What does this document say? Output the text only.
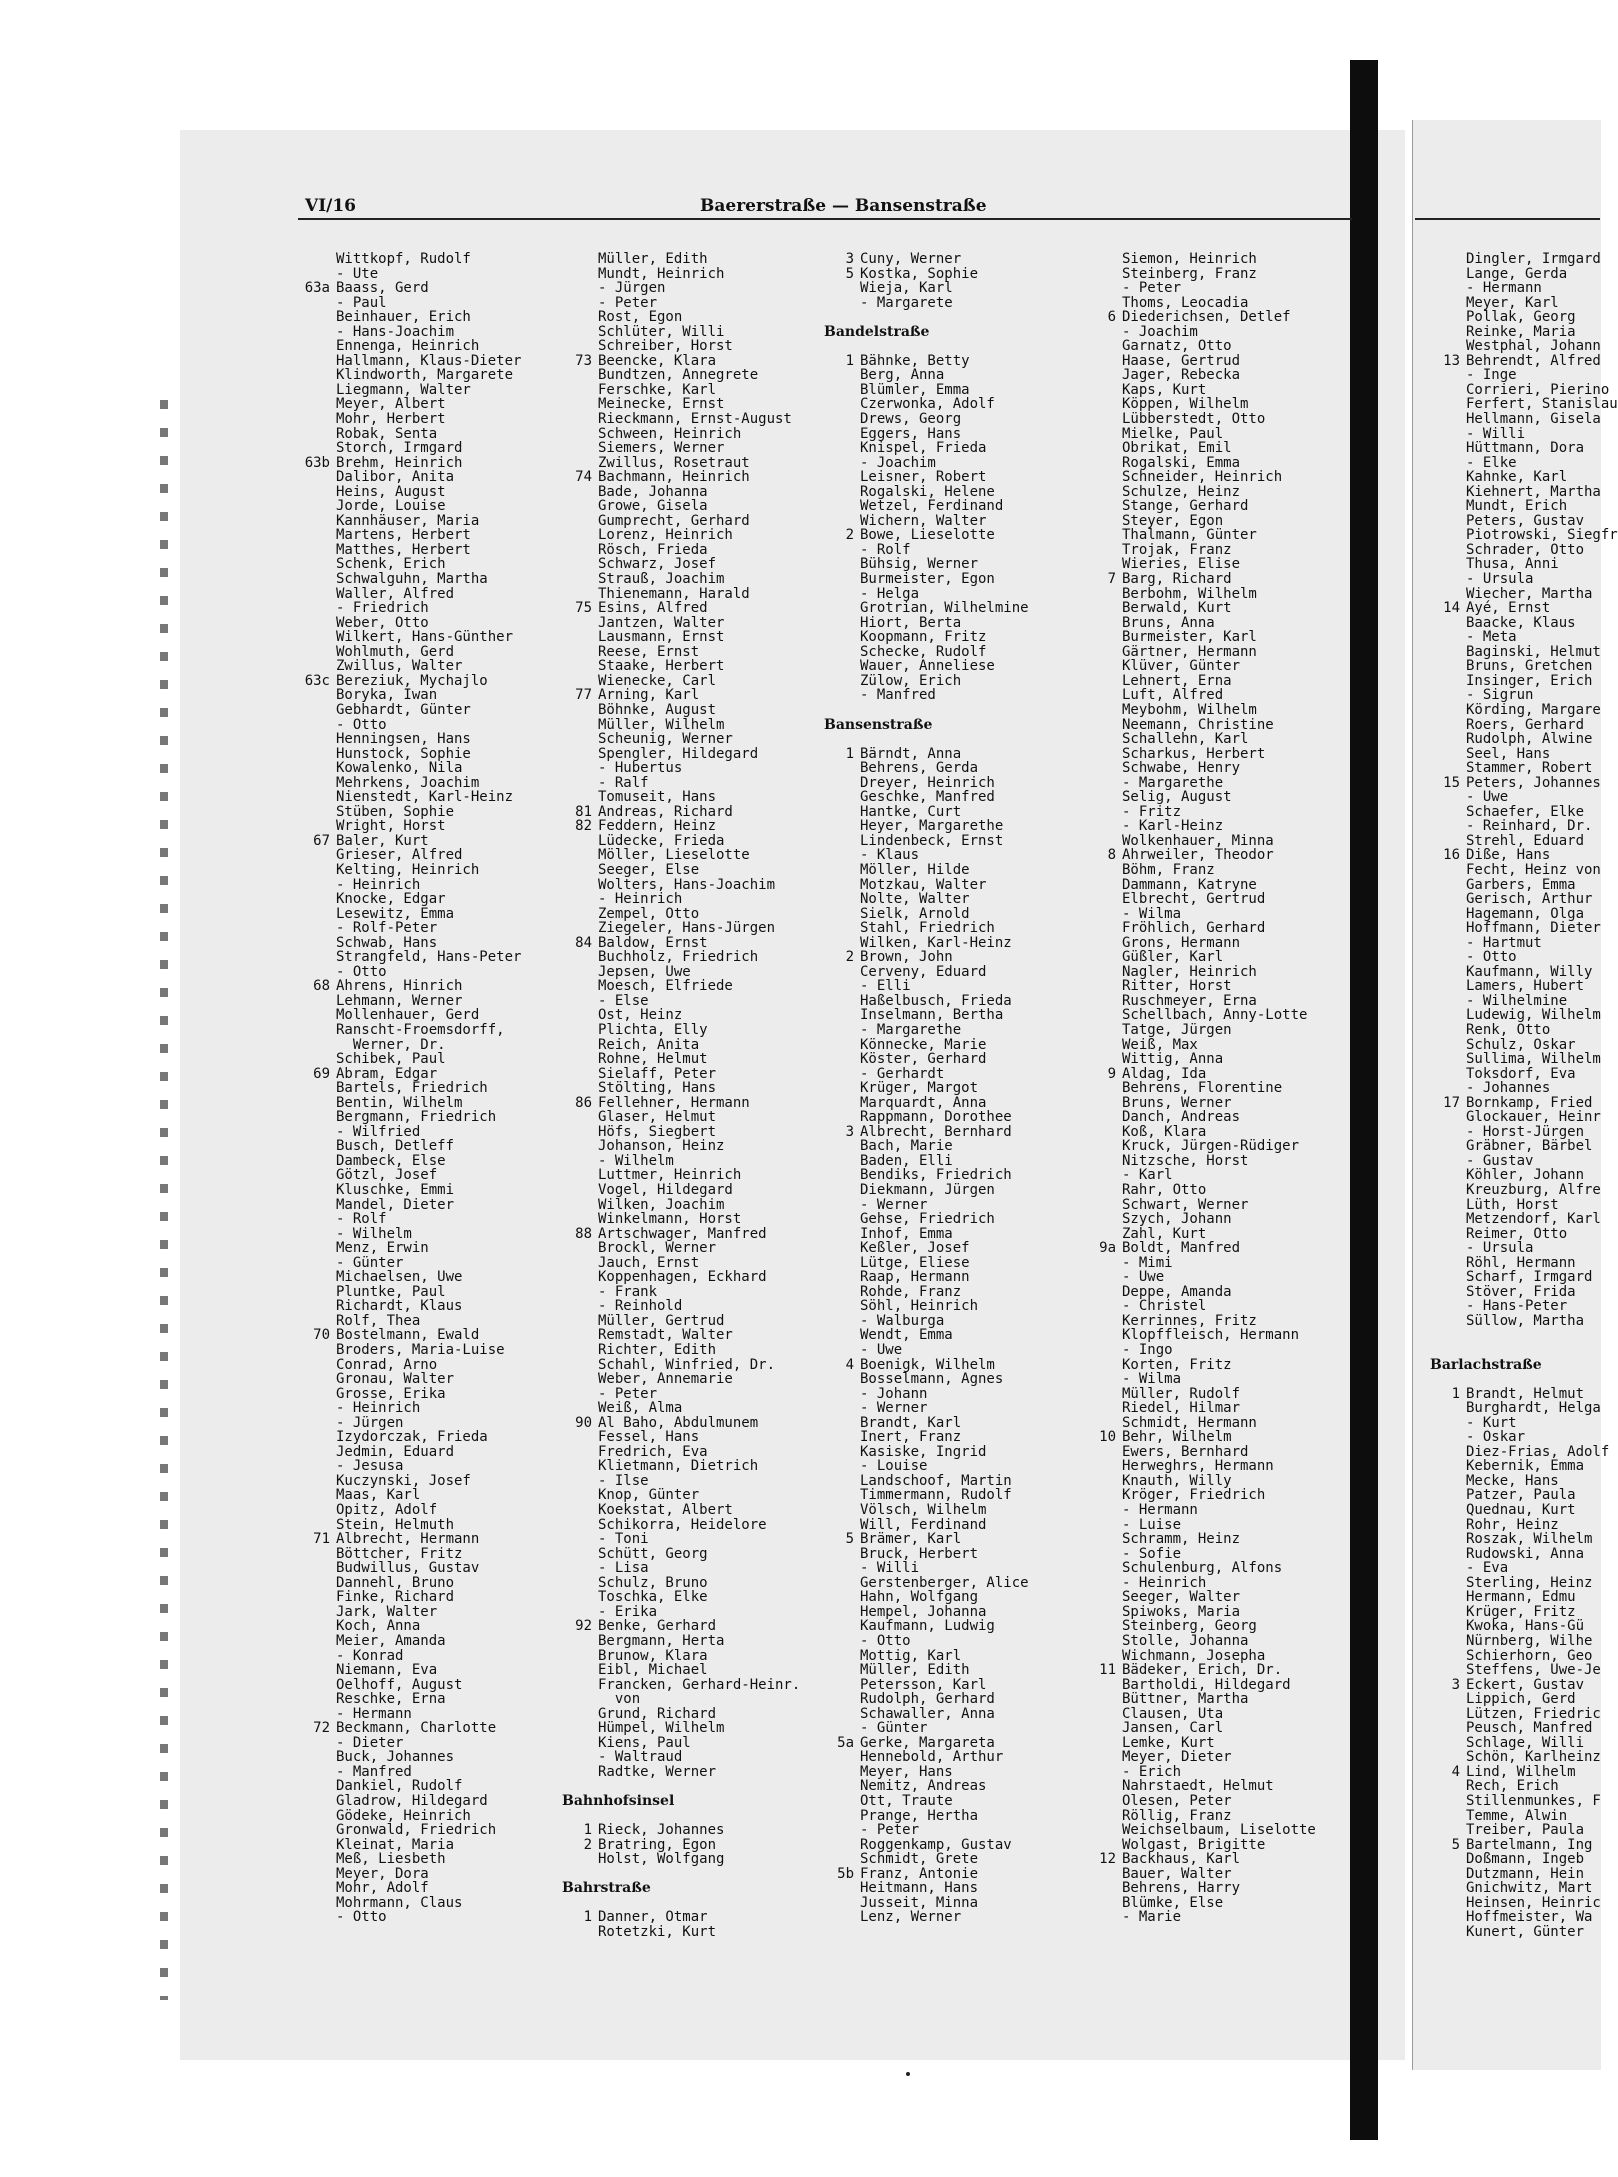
VI/16	Baererstraße — Bansenstraße
Wittkopf, Rudolf
- Ute
63a Baass, Gerd
- Paul
Beinhauer, Erich
- Hans-Joachim
Ennenga, Heinrich
Hallmann, Klaus-Dieter
Klindworth, Margarete
Liegmann, Walter
Meyer, Albert
Mohr, Herbert
Robak, Senta
Storch, Irmgard
63b Brehm, Heinrich
Dalibor, Anita
Heins, August
Jorde, Louise
Kannhäuser, Maria
Martens, Herbert
Matthes, Herbert
Schenk, Erich
Schwalguhn, Martha
Waller, Alfred
- Friedrich
Weber, Otto
Wilkert, Hans-Günther
Wohlmuth, Gerd
Zwillus, Walter
63c Bereziuk, Mychajlo
Boryka, Iwan
Gebhardt, Günter
- Otto
Henningsen, Hans
Hunstock, Sophie
Kowalenko, Nila
Mehrkens, Joachim
Nienstedt, Karl-Heinz
Stüben, Sophie
Wright, Horst
67 Baler, Kurt
Grieser, Alfred
Kelting, Heinrich
- Heinrich
Knocke, Edgar
Lesewitz, Emma
- Rolf-Peter
Schwab, Hans
Strangfeld, Hans-Peter
- Otto
68 Ahrens, Hinrich
Lehmann, Werner
Mollenhauer, Gerd
Ranscht-Froemsdorff,
Werner, Dr.
Schibek, Paul
69 Abram, Edgar
Bartels, Friedrich
Bentin, Wilhelm
Bergmann, Friedrich
- Wilfried
Busch, Detleff
Dambeck, Else
Götzl, Josef
Kluschke, Emmi
Mandel, Dieter
- Rolf
- Wilhelm
Menz, Erwin
- Günter
Michaelsen, Uwe
Pluntke, Paul
Richardt, Klaus
Rolf, Thea
70 Bostelmann, Ewald
Broders, Maria-Luise
Conrad, Arno
Gronau, Walter
Grosse, Erika
- Heinrich
- Jürgen
Izydorczak, Frieda
Jedmin, Eduard
- Jesusa
Kuczynski, Josef
Maas, Karl
Opitz, Adolf
Stein, Helmuth
71 Albrecht, Hermann
Böttcher, Fritz
Budwillus, Gustav
Dannehl, Bruno
Finke, Richard
Jark, Walter
Koch, Anna
Meier, Amanda
- Konrad
Niemann, Eva
Oelhoff, August
Reschke, Erna
- Hermann
72 Beckmann, Charlotte
- Dieter
Buck, Johannes
- Manfred
Dankiel, Rudolf
Gladrow, Hildegard
Gödeke, Heinrich
Gronwald, Friedrich
Kleinat, Maria
Meß, Liesbeth
Meyer, Dora
Mohr, Adolf
Mohrmann, Claus
- Otto
Müller, Edith
Mundt, Heinrich
- Jürgen
- Peter
Rost, Egon
Schlüter, Willi
Schreiber, Horst
73 Beencke, Klara
Bundtzen, Annegrete
Ferschke, Karl
Meinecke, Ernst
Rieckmann, Ernst-August
Schween, Heinrich
Siemers, Werner
Zwillus, Rosetraut
74 Bachmann, Heinrich
Bade, Johanna
Growe, Gisela
Gumprecht, Gerhard
Lorenz, Heinrich
Rösch, Frieda
Schwarz, Josef
Strauß, Joachim
Thienemann, Harald
75 Esins, Alfred
Jantzen, Walter
Lausmann, Ernst
Reese, Ernst
Staake, Herbert
Wienecke, Carl
77 Arning, Karl
Böhnke, August
Müller, Wilhelm
Scheunig, Werner
Spengler, Hildegard
- Hubertus
- Ralf
Tomuseit, Hans
81 Andreas, Richard
82 Feddern, Heinz
Lüdecke, Frieda
Möller, Lieselotte
Seeger, Else
Wolters, Hans-Joachim
- Heinrich
Zempel, Otto
Ziegeler, Hans-Jürgen
84 Baldow, Ernst
Buchholz, Friedrich
Jepsen, Uwe
Moesch, Elfriede
- Else
Ost, Heinz
Plichta, Elly
Reich, Anita
Rohne, Helmut
Sielaff, Peter
Stölting, Hans
86 Fellehner, Hermann
Glaser, Helmut
Höfs, Siegbert
Johanson, Heinz
- Wilhelm
Luttmer, Heinrich
Vogel, Hildegard
Wilken, Joachim
Winkelmann, Horst
88 Artschwager, Manfred
Brockl, Werner
Jauch, Ernst
Koppenhagen, Eckhard
- Frank
- Reinhold
Müller, Gertrud
Remstadt, Walter
Richter, Edith
Schahl, Winfried, Dr.
Weber, Annemarie
- Peter
Weiß, Alma
90 Al Baho, Abdulmunem
Fessel, Hans
Fredrich, Eva
Klietmann, Dietrich
- Ilse
Knop, Günter
Koekstat, Albert
Schikorra, Heidelore
- Toni
Schütt, Georg
- Lisa
Schulz, Bruno
Toschka, Elke
- Erika
92 Benke, Gerhard
Bergmann, Herta
Brunow, Klara
Eibl, Michael
Francken, Gerhard-Heinr.
von
Grund, Richard
Hümpel, Wilhelm
Kiens, Paul
- Waltraud
Radtke, Werner
Bahnhofsinsel
1 Rieck, Johannes
2 Bratring, Egon
Holst, Wolfgang
Bahrstraße
1 Danner, Otmar
Rotetzki, Kurt
3 Cuny, Werner
5 Kostka, Sophie
Wieja, Karl
- Margarete
Bandelstraße
1 Bähnke, Betty
Berg, Anna
Blümler, Emma
Czerwonka, Adolf
Drews, Georg
Eggers, Hans
Knispel, Frieda
- Joachim
Leisner, Robert
Rogalski, Helene
Wetzel, Ferdinand
Wichern, Walter
2 Bowe, Lieselotte
- Rolf
Bühsig, Werner
Burmeister, Egon
- Helga
Grotrian, Wilhelmine
Hiort, Berta
Koopmann, Fritz
Schecke, Rudolf
Wauer, Anneliese
Zülow, Erich
- Manfred
Bansenstraße
1 Bärndt, Anna
Behrens, Gerda
Dreyer, Heinrich
Geschke, Manfred
Hantke, Curt
Heyer, Margarethe
Lindenbeck, Ernst
- Klaus
Möller, Hilde
Motzkau, Walter
Nolte, Walter
Sielk, Arnold
Stahl, Friedrich
Wilken, Karl-Heinz
2 Brown, John
Cerveny, Eduard
- Elli
Haßelbusch, Frieda
Inselmann, Bertha
- Margarethe
Könnecke, Marie
Köster, Gerhard
- Gerhardt
Krüger, Margot
Marquardt, Anna
Rappmann, Dorothee
3 Albrecht, Bernhard
Bach, Marie
Baden, Elli
Bendiks, Friedrich
Diekmann, Jürgen
- Werner
Gehse, Friedrich
Inhof, Emma
Keßler, Josef
Lütge, Eliese
Raap, Hermann
Rohde, Franz
Söhl, Heinrich
- Walburga
Wendt, Emma
- Uwe
4 Boenigk, Wilhelm
Bosselmann, Agnes
- Johann
- Werner
Brandt, Karl
Inert, Franz
Kasiske, Ingrid
- Louise
Landschoof, Martin
Timmermann, Rudolf
Völsch, Wilhelm
Will, Ferdinand
5 Brämer, Karl
Bruck, Herbert
- Willi
Gerstenberger, Alice
Hahn, Wolfgang
Hempel, Johanna
Kaufmann, Ludwig
- Otto
Mottig, Karl
Müller, Edith
Petersson, Karl
Rudolph, Gerhard
Schawaller, Anna
- Günter
5a Gerke, Margareta
Hennebold, Arthur
Meyer, Hans
Nemitz, Andreas
Ott, Traute
Prange, Hertha
- Peter
Roggenkamp, Gustav
Schmidt, Grete
5b Franz, Antonie
Heitmann, Hans
Jusseit, Minna
Lenz, Werner
Siemon, Heinrich
Steinberg, Franz
- Peter
Thoms, Leocadia
6 Diederichsen, Detlef
- Joachim
Garnatz, Otto
Haase, Gertrud
Jager, Rebecka
Kaps, Kurt
Köppen, Wilhelm
Lübberstedt, Otto
Mielke, Paul
Obrikat, Emil
Rogalski, Emma
Schneider, Heinrich
Schulze, Heinz
Stange, Gerhard
Steyer, Egon
Thalmann, Günter
Trojak, Franz
Wieries, Elise
7 Barg, Richard
Berbohm, Wilhelm
Berwald, Kurt
Bruns, Anna
Burmeister, Karl
Gärtner, Hermann
Klüver, Günter
Lehnert, Erna
Luft, Alfred
Meybohm, Wilhelm
Neemann, Christine
Schallehn, Karl
Scharkus, Herbert
Schwabe, Henry
- Margarethe
Selig, August
- Fritz
- Karl-Heinz
Wolkenhauer, Minna
8 Ahrweiler, Theodor
Böhm, Franz
Dammann, Katryne
Elbrecht, Gertrud
- Wilma
Fröhlich, Gerhard
Grons, Hermann
Güßler, Karl
Nagler, Heinrich
Ritter, Horst
Ruschmeyer, Erna
Schellbach, Anny-Lotte
Tatge, Jürgen
Weiß, Max
Wittig, Anna
9 Aldag, Ida
Behrens, Florentine
Bruns, Werner
Danch, Andreas
Koß, Klara
Kruck, Jürgen-Rüdiger
Nitzsche, Horst
- Karl
Rahr, Otto
Schwart, Werner
Szych, Johann
Zahl, Kurt
9a Boldt, Manfred
- Mimi
- Uwe
Deppe, Amanda
- Christel
Kerrinnes, Fritz
Klopffleisch, Hermann
- Ingo
Korten, Fritz
- Wilma
Müller, Rudolf
Riedel, Hilmar
Schmidt, Hermann
10 Behr, Wilhelm
Ewers, Bernhard
Herweghrs, Hermann
Knauth, Willy
Kröger, Friedrich
- Hermann
- Luise
Schramm, Heinz
- Sofie
Schulenburg, Alfons
- Heinrich
Seeger, Walter
Spiwoks, Maria
Steinberg, Georg
Stolle, Johanna
Wichmann, Josepha
11 Bädeker, Erich, Dr.
Bartholdi, Hildegard
Büttner, Martha
Clausen, Uta
Jansen, Carl
Lemke, Kurt
Meyer, Dieter
- Erich
Nahrstaedt, Helmut
Olesen, Peter
Röllig, Franz
Weichselbaum, Liselotte
Wolgast, Brigitte
12 Backhaus, Karl
Bauer, Walter
Behrens, Harry
Blümke, Else
- Marie
Dingler, Irmgard
Lange, Gerda
- Hermann
Meyer, Karl
Pollak, Georg
Reinke, Maria
Westphal, Johann
13 Behrendt, Alfred
- Inge
Corrieri, Pierino
Ferfert, Stanislau
Hellmann, Gisela
- Willi
Hüttmann, Dora
- Elke
Kahnke, Karl
Kiehnert, Martha
Mundt, Erich
Peters, Gustav
Piotrowski, Siegfr
Schrader, Otto
Thusa, Anni
- Ursula
Wiecher, Martha
14 Ayé, Ernst
Baacke, Klaus
- Meta
Baginski, Helmut
Bruns, Gretchen
Insinger, Erich
- Sigrun
Körding, Margare
Roers, Gerhard
Rudolph, Alwine
Seel, Hans
Stammer, Robert
15 Peters, Johannes
- Uwe
Schaefer, Elke
- Reinhard, Dr.
Strehl, Eduard
16 Diße, Hans
Fecht, Heinz von
Garbers, Emma
Gerisch, Arthur
Hagemann, Olga
Hoffmann, Dieter
- Hartmut
- Otto
Kaufmann, Willy
Lamers, Hubert
- Wilhelmine
Ludewig, Wilhelm
Renk, Otto
Schulz, Oskar
Sullima, Wilhelm
Toksdorf, Eva
- Johannes
17 Bornkamp, Fried
Glockauer, Heinr
- Horst-Jürgen
Gräbner, Bärbel
- Gustav
Köhler, Johann
Kreuzburg, Alfre
Lüth, Horst
Metzendorf, Karl
Reimer, Otto
- Ursula
Röhl, Hermann
Scharf, Irmgard
Stöver, Frida
- Hans-Peter
Süllow, Martha
Barlachstraße
1 Brandt, Helmut
Burghardt, Helga
- Kurt
- Oskar
Diez-Frias, Adolf
Kebernik, Emma
Mecke, Hans
Patzer, Paula
Quednau, Kurt
Rohr, Heinz
Roszak, Wilhelm
Rudowski, Anna
- Eva
Sterling, Heinz
Hermann, Edmu
Krüger, Fritz
Kwoka, Hans-Gü
Nürnberg, Wilhe
Schierhorn, Geo
Steffens, Uwe-Je
3 Eckert, Gustav
Lippich, Gerd
Lützen, Friedric
Peusch, Manfred
Schlage, Willi
Schön, Karlheinz
4 Lind, Wilhelm
Rech, Erich
Stillenmunkes, F
Temme, Alwin
Treiber, Paula
5 Bartelmann, Ing
Doßmann, Ingeb
Dutzmann, Hein
Gnichwitz, Mart
Heinsen, Heinric
Hoffmeister, Wa
Kunert, Günter
